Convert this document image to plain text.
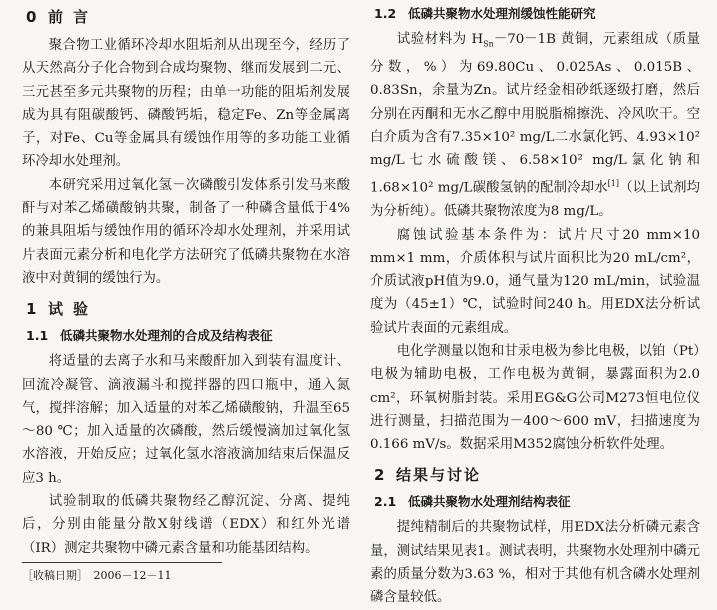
0 前言

聚合物工业循环冷却水阻垢剂从出现至今，经历了从天然高分子化合物到合成均聚物、继而发展到二元、三元甚至多元共聚物的历程；由单一功能的阻垢剂发展成为具有阻碳酸钙、磷酸钙垢，稳定Fe、Zn等金属离子，对Fe、Cu等金属具有缓蚀作用等的多功能工业循环冷却水处理剂。

本研究采用过氧化氢－次磷酸引发体系引发马来酸酐与对苯乙烯磺酸钠共聚，制备了一种磷含量低于4%的兼具阻垢与缓蚀作用的循环冷却水处理剂，并采用试片表面元素分析和电化学方法研究了低磷共聚物在水溶液中对黄铜的缓蚀行为。

1 试验
1.1 低磷共聚物水处理剂的合成及结构表征

将适量的去离子水和马来酸酐加入到装有温度计、回流冷凝管、滴液漏斗和搅拌器的四口瓶中，通入氮气，搅拌溶解；加入适量的对苯乙烯磺酸钠，升温至65～80 ℃；加入适量的次磷酸，然后缓慢滴加过氧化氢水溶液，开始反应；过氧化氢水溶液滴加结束后保温反应3 h。

试验制取的低磷共聚物经乙醇沉淀、分离、提纯后，分别由能量分散X射线谱（EDX）和红外光谱（IR）测定共聚物中磷元素含量和功能基团结构。

［收稿日期］　2006－12－11
1.2 低磷共聚物水处理剂缓蚀性能研究

试验材料为 $H_{Sn}-70-1B$ 黄铜，元素组成（质量分数，%）为69.80Cu、0.025As、0.015B、0.83Sn，余量为Zn。试片经金相砂纸逐级打磨，然后分别在丙酮和无水乙醇中用脱脂棉擦洗、冷风吹干。空白介质为含有7.35×10² mg/L二水氯化钙、4.93×10² mg/L七水硫酸镁、6.58×10² mg/L氯化钠和1.68×10² mg/L碳酸氢钠的配制冷却水[1]（以上试剂均为分析纯）。低磷共聚物浓度为8 mg/L。

腐蚀试验基本条件为：试片尺寸20 mm×10 mm×1 mm，介质体积与试片面积比为20 mL/cm²，介质试液pH值为9.0，通气量为120 mL/min，试验温度为（45±1）℃，试验时间240 h。用EDX法分析试验试片表面的元素组成。

电化学测量以饱和甘汞电极为参比电极，以铂（Pt）电极为辅助电极，工作电极为黄铜，暴露面积为2.0 cm²，环氧树脂封装。采用EG&G公司M273恒电位仪进行测量，扫描范围为－400～600 mV，扫描速度为0.166 mV/s。数据采用M352腐蚀分析软件处理。

2 结果与讨论
2.1 低磷共聚物水处理剂结构表征

提纯精制后的共聚物试样，用EDX法分析磷元素含量，测试结果见表1。测试表明，共聚物水处理剂中磷元素的质量分数为3.63 %，相对于其他有机含磷水处理剂磷含量较低。
